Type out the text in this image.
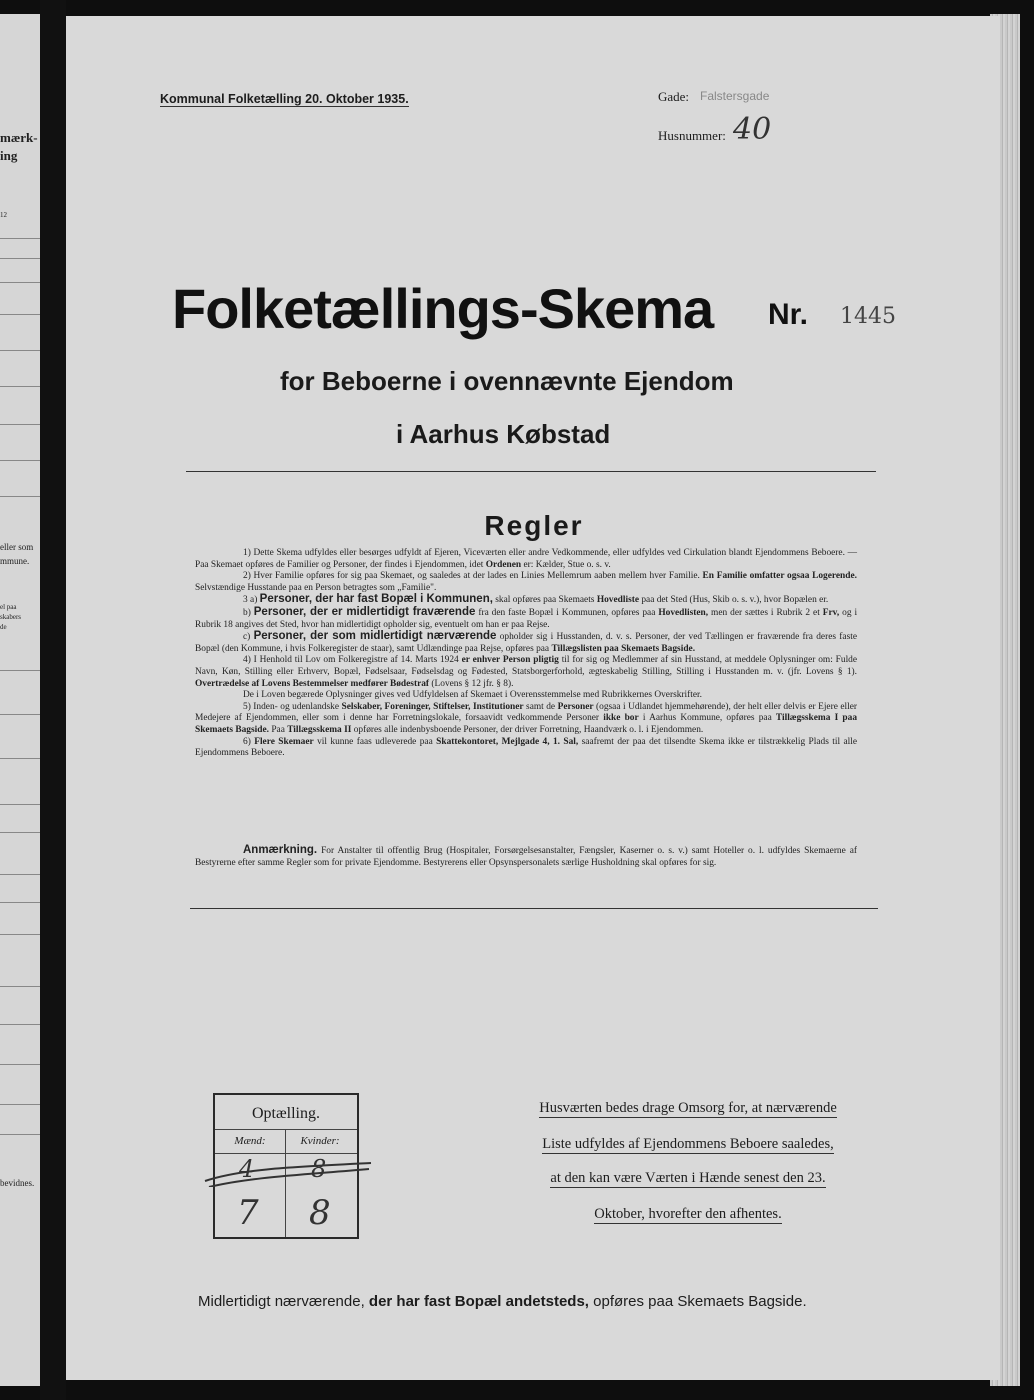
mærk-
ing
12
eller som
mmune.
el paa
skabers
de
bevidnes.
Kommunal Folketælling 20. Oktober 1935.	Gade: Falstersgade
Husnummer: 40
Folketællings-Skema Nr. 1445
for Beboerne i ovennævnte Ejendom
i Aarhus Købstad
Regler

1) Dette Skema udfyldes eller besørges udfyldt af Ejeren, Viceværten eller andre Vedkommende, eller udfyldes ved Cirkulation blandt Ejendommens Beboere. — Paa Skemaet opføres de Familier og Personer, der findes i Ejendommen, idet Ordenen er: Kælder, Stue o. s. v.

2) Hver Familie opføres for sig paa Skemaet, og saaledes at der lades en Linies Mellemrum aaben mellem hver Familie. En Familie omfatter ogsaa Logerende. Selvstændige Husstande paa en Person betragtes som „Familie".

3 a) Personer, der har fast Bopæl i Kommunen, skal opføres paa Skemaets Hovedliste paa det Sted (Hus, Skib o. s. v.), hvor Bopælen er.

b) Personer, der er midlertidigt fraværende fra den faste Bopæl i Kommunen, opføres paa Hovedlisten, men der sættes i Rubrik 2 et Frv, og i Rubrik 18 angives det Sted, hvor han midlertidigt opholder sig, eventuelt om han er paa Rejse.

c) Personer, der som midlertidigt nærværende opholder sig i Husstanden, d. v. s. Personer, der ved Tællingen er fraværende fra deres faste Bopæl (den Kommune, i hvis Folkeregister de staar), samt Udlændinge paa Rejse, opføres paa Tillægslisten paa Skemaets Bagside.

4) I Henhold til Lov om Folkeregistre af 14. Marts 1924 er enhver Person pligtig til for sig og Medlemmer af sin Husstand, at meddele Oplysninger om: Fulde Navn, Køn, Stilling eller Erhverv, Bopæl, Fødselsaar, Fødselsdag og Fødested, Statsborgerforhold, ægteskabelig Stilling, Stilling i Husstanden m. v. (jfr. Lovens § 1). Overtrædelse af Lovens Bestemmelser medfører Bødestraf (Lovens § 12 jfr. § 8).

De i Loven begærede Oplysninger gives ved Udfyldelsen af Skemaet i Overensstemmelse med Rubrikkernes Overskrifter.

5) Inden- og udenlandske Selskaber, Foreninger, Stiftelser, Institutioner samt de Personer (ogsaa i Udlandet hjemmehørende), der helt eller delvis er Ejere eller Medejere af Ejendommen, eller som i denne har Forretningslokale, forsaavidt vedkommende Personer ikke bor i Aarhus Kommune, opføres paa Tillægsskema I paa Skemaets Bagside. Paa Tillægsskema II opføres alle indenbysboende Personer, der driver Forretning, Haandværk o. l. i Ejendommen.

6) Flere Skemaer vil kunne faas udleverede paa Skattekontoret, Mejlgade 4, 1. Sal, saafremt der paa det tilsendte Skema ikke er tilstrækkelig Plads til alle Ejendommens Beboere.

Anmærkning. For Anstalter til offentlig Brug (Hospitaler, Forsørgelsesanstalter, Fængsler, Kaserner o. s. v.) samt Hoteller o. l. udfyldes Skemaerne af Bestyrerne efter samme Regler som for private Ejendomme. Bestyrerens eller Opsynspersonalets særlige Husholdning skal opføres for sig.

Optælling.
Mænd:	Kvinder:
4 8
7 8
Husværten bedes drage Omsorg for, at nærværende
Liste udfyldes af Ejendommens Beboere saaledes,
at den kan være Værten i Hænde senest den 23.
Oktober, hvorefter den afhentes.
Midlertidigt nærværende, der har fast Bopæl andetsteds, opføres paa Skemaets Bagside.
